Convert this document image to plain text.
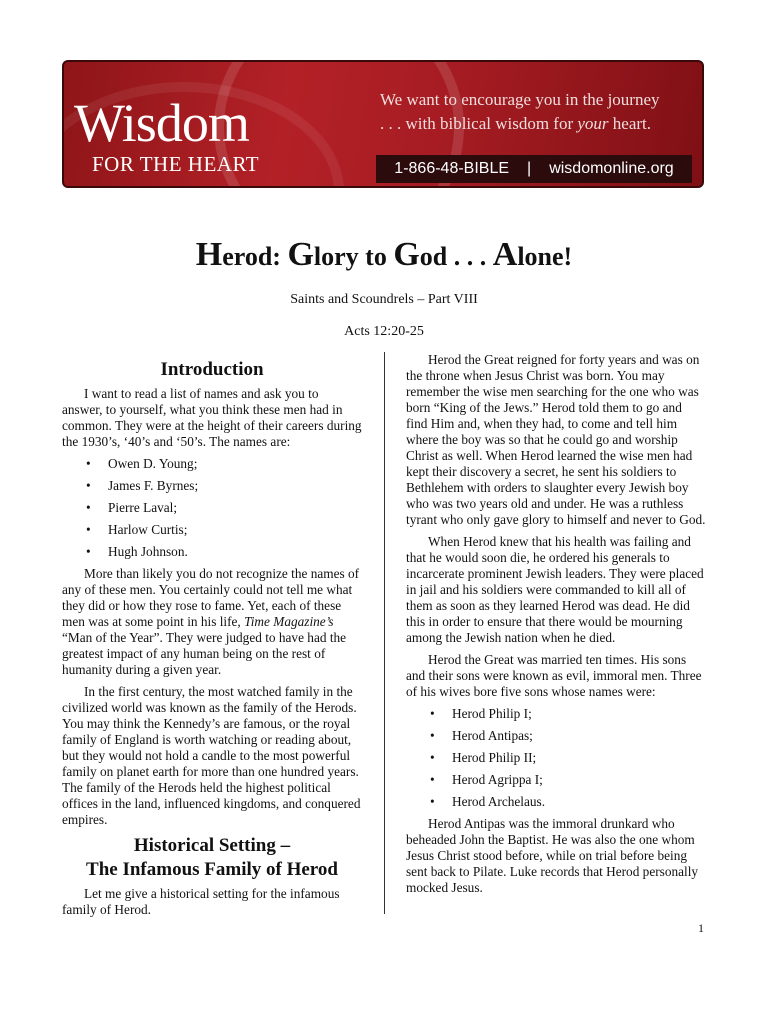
Wisdom
FOR THE HEART
We want to encourage you in the journey
. . . with biblical wisdom for your heart.
1-866-48-BIBLE | wisdomonline.org
Herod: Glory to God . . . Alone!
Saints and Scoundrels – Part VIII
Acts 12:20-25
Introduction

I want to read a list of names and ask you to answer, to yourself, what you think these men had in common. They were at the height of their careers during the 1930’s, ‘40’s and ‘50’s. The names are:

• Owen D. Young;
• James F. Byrnes;
• Pierre Laval;
• Harlow Curtis;
• Hugh Johnson.

More than likely you do not recognize the names of any of these men. You certainly could not tell me what they did or how they rose to fame. Yet, each of these men was at some point in his life, Time Magazine’s “Man of the Year”. They were judged to have had the greatest impact of any human being on the rest of humanity during a given year.

In the first century, the most watched family in the civilized world was known as the family of the Herods. You may think the Kennedy’s are famous, or the royal family of England is worth watching or reading about, but they would not hold a candle to the most powerful family on planet earth for more than one hundred years. The family of the Herods held the highest political offices in the land, influenced kingdoms, and conquered empires.

Historical Setting –
The Infamous Family of Herod

Let me give a historical setting for the infamous family of Herod.

Herod the Great reigned for forty years and was on the throne when Jesus Christ was born. You may remember the wise men searching for the one who was born “King of the Jews.” Herod told them to go and find Him and, when they had, to come and tell him where the boy was so that he could go and worship Christ as well. When Herod learned the wise men had kept their discovery a secret, he sent his soldiers to Bethlehem with orders to slaughter every Jewish boy who was two years old and under. He was a ruthless tyrant who only gave glory to himself and never to God.

When Herod knew that his health was failing and that he would soon die, he ordered his generals to incarcerate prominent Jewish leaders. They were placed in jail and his soldiers were commanded to kill all of them as soon as they learned Herod was dead. He did this in order to ensure that there would be mourning among the Jewish nation when he died.

Herod the Great was married ten times. His sons and their sons were known as evil, immoral men. Three of his wives bore five sons whose names were:

• Herod Philip I;
• Herod Antipas;
• Herod Philip II;
• Herod Agrippa I;
• Herod Archelaus.

Herod Antipas was the immoral drunkard who beheaded John the Baptist. He was also the one whom Jesus Christ stood before, while on trial before being sent back to Pilate. Luke records that Herod personally mocked Jesus.

1
